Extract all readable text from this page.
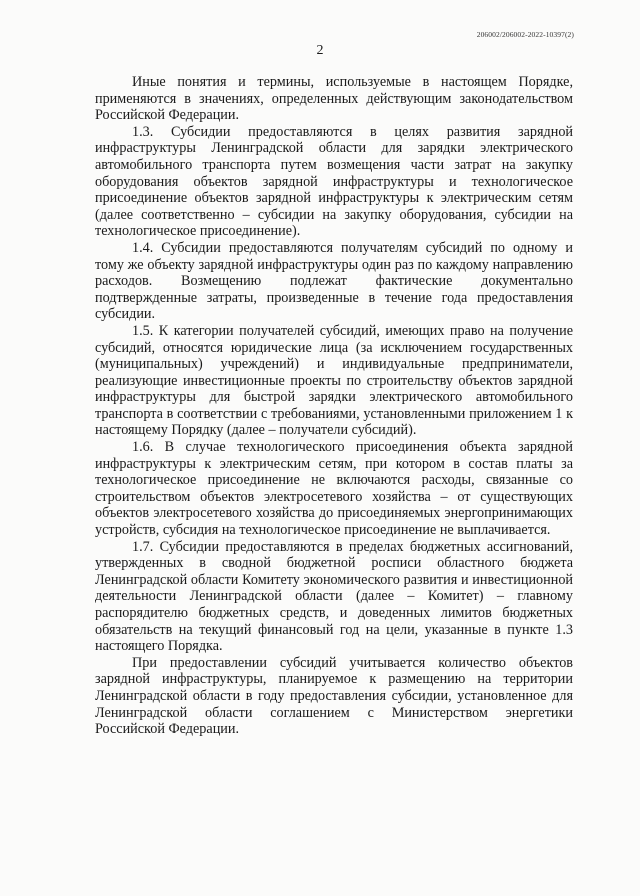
206002/206002-2022-10397(2)
2

Иные понятия и термины, используемые в настоящем Порядке, применяются в значениях, определенных действующим законодательством Российской Федерации.

1.3. Субсидии предоставляются в целях развития зарядной инфраструктуры Ленинградской области для зарядки электрического автомобильного транспорта путем возмещения части затрат на закупку оборудования объектов зарядной инфраструктуры и технологическое присоединение объектов зарядной инфраструктуры к электрическим сетям (далее соответственно – субсидии на закупку оборудования, субсидии на технологическое присоединение).

1.4. Субсидии предоставляются получателям субсидий по одному и тому же объекту зарядной инфраструктуры один раз по каждому направлению расходов. Возмещению подлежат фактические документально подтвержденные затраты, произведенные в течение года предоставления субсидии.

1.5. К категории получателей субсидий, имеющих право на получение субсидий, относятся юридические лица (за исключением государственных (муниципальных) учреждений) и индивидуальные предприниматели, реализующие инвестиционные проекты по строительству объектов зарядной инфраструктуры для быстрой зарядки электрического автомобильного транспорта в соответствии с требованиями, установленными приложением 1 к настоящему Порядку (далее – получатели субсидий).

1.6. В случае технологического присоединения объекта зарядной инфраструктуры к электрическим сетям, при котором в состав платы за технологическое присоединение не включаются расходы, связанные со строительством объектов электросетевого хозяйства – от существующих объектов электросетевого хозяйства до присоединяемых энергопринимающих устройств, субсидия на технологическое присоединение не выплачивается.

1.7. Субсидии предоставляются в пределах бюджетных ассигнований, утвержденных в сводной бюджетной росписи областного бюджета Ленинградской области Комитету экономического развития и инвестиционной деятельности Ленинградской области (далее – Комитет) – главному распорядителю бюджетных средств, и доведенных лимитов бюджетных обязательств на текущий финансовый год на цели, указанные в пункте 1.3 настоящего Порядка.

При предоставлении субсидий учитывается количество объектов зарядной инфраструктуры, планируемое к размещению на территории Ленинградской области в году предоставления субсидии, установленное для Ленинградской области соглашением с Министерством энергетики Российской Федерации.
